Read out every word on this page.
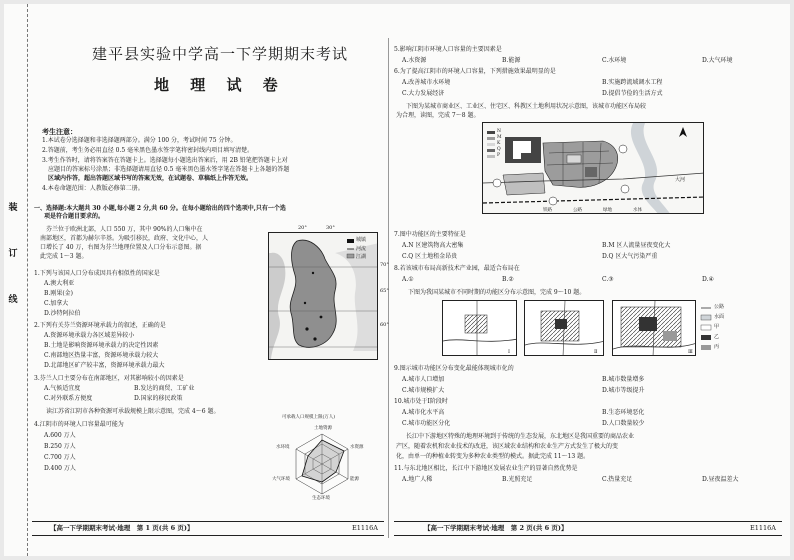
装
订
线
建平县实验中学高一下学期期末考试
地 理 试 卷
考生注意：
1.本试卷分选择题和非选择题两部分。满分 100 分，考试时间 75 分钟。
2.答题前，考生务必用直径 0.5 毫米黑色墨水签字笔将密封线内项目填写清楚。
3.考生作答时，请将答案答在答题卡上。选择题每小题选出答案后，用 2B 铅笔把答题卡上对
应题目的答案标号涂黑；非选择题请用直径 0.5 毫米黑色墨水签字笔在答题卡上各题的答题
区域内作答，超出答题区域书写的答案无效，在试题卷、草稿纸上作答无效。
4.本卷命题范围：人教版必修第二册。
一、选择题:本大题共 30 小题,每小题 2 分,共 60 分。在每小题给出的四个选项中,只有一个选
项是符合题目要求的。
芬兰位于欧洲北部，人口 550 万，其中 90%的人口集中在
南部地区，首都为赫尔辛基。为吸引移民，政府、文化中心，人
口增长了 40 万，右图为芬兰地理位置及人口分布示意图。据
此完成 1～3 题。
城镇
河流
江湖
20°	30°
70°
65°
60°
1.下列与该国人口分布成因具有相似性的国家是
A.澳大利亚
B.刚果(金)
C.加拿大
D.沙特阿拉伯
2.下列有关芬兰资源环境承载力的叙述，正确的是
A.资源环境承载力各区域差异较小
B.土地是影响资源环境承载力的决定性因素
C.南部地区热量丰富，资源环境承载力较大
D.北部地区矿产较丰富，资源环境承载力最大
3.芬兰人口主要分布在南部地区，对其影响较小的因素是
A.气候适宜度	B.发达的商贸、工矿业
C.对外联系方便度	D.国家的移民政策
读江苏省江阴市各种资源可承载规模上限示意图，完成 4～6 题。
4.江阴市的环境人口容量最可能为
A.600 万人
B.250 万人
C.700 万人
D.400 万人
可承载人口规模上限(万人)
土地资源
水资源
能源
生态环境
大气环境
水环境
【高一下学期期末考试·地理　第 1 页(共 6 页)】	E1116A
5.影响江阴市环境人口容量的主要因素是
A.水资源	B.能源	C.水环境	D.大气环境
6.为了提高江阴市的环境人口容量，下列措施效果最明显的是
A.改善城市水环境	B.实施跨流域调水工程
C.大力发展经济	D.提倡节俭的生活方式
下图为某城市商业区、工业区、住宅区、科教区土地利用状况示意图，该城市功能区布局较
为合理，读图，完成 7～8 题。
N
M
K
Q
P
大河
铁路	公路	绿地	水体
7.图中功能区的主要特征是
A.N 区建筑物高大密集	B.M 区人流量昼夜变化大
C.Q 区土地租金昂贵	D.Q 区大气污染严重
8.若该城市布局高新技术产业园，最适合布局在
A.①	B.②	C.③	D.④
下图为我国某城市不同时期的功能区分布示意图，完成 9～10 题。
Ⅰ	Ⅱ	Ⅲ
公路
水面
甲
乙
丙
9.图示城市功能区分布变化最能体现城市化的
A.城市人口增加	B.城市数量增多
C.城市规模扩大	D.城市等级提升
10.城市处于Ⅰ阶段时
A.城市化水平高	B.生态环境恶化
C.城市功能区分化	D.人口数量较少
长江中下游地区特殊的地理环境到于传统的生态发展，东北地区是我国重要的商品农业
产区，随着农机和农业技术的改进，该区域农业结构和农业生产方式发生了极大的变
化，由单一的种植业转变为多种农业类型的模式。据此完成 11～13 题。
11.与东北地区相比，长江中下游地区发展农业生产的显著自然优势是
A.地广人稀	B.光照充足	C.热量充足	D.昼夜温差大
【高一下学期期末考试·地理　第 2 页(共 6 页)】	E1116A
